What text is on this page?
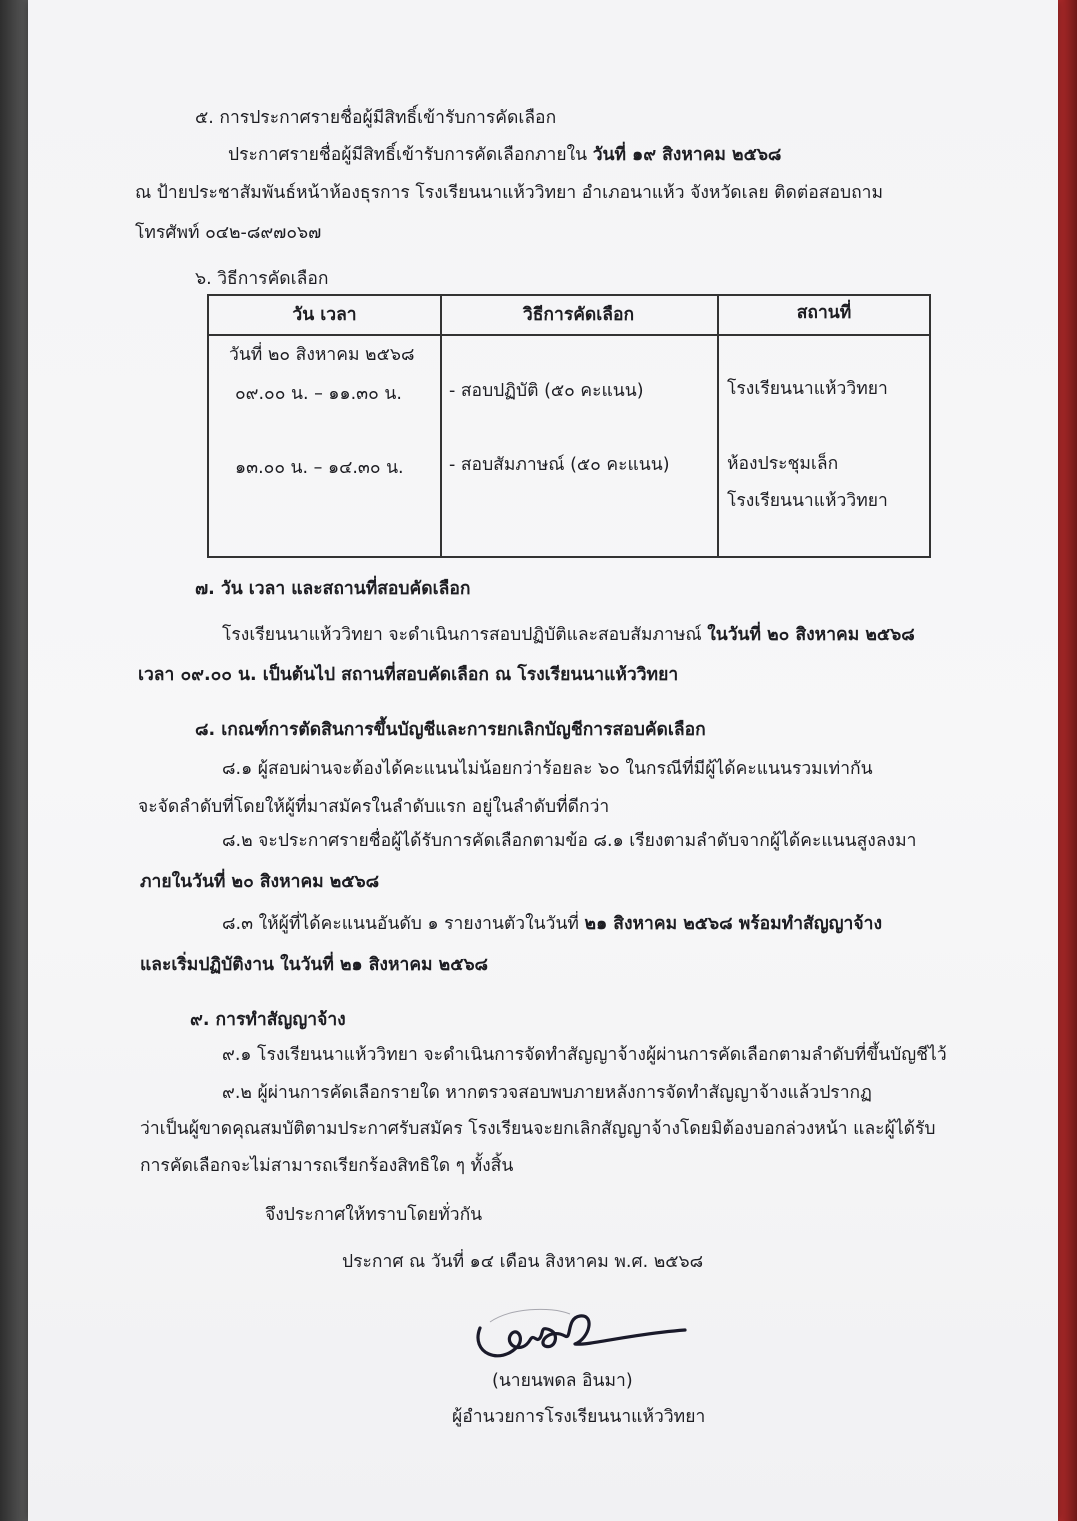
๕. การประกาศรายชื่อผู้มีสิทธิ์เข้ารับการคัดเลือก
ประกาศรายชื่อผู้มีสิทธิ์เข้ารับการคัดเลือกภายใน วันที่ ๑๙ สิงหาคม ๒๕๖๘
ณ ป้ายประชาสัมพันธ์หน้าห้องธุรการ โรงเรียนนาแห้ววิทยา อำเภอนาแห้ว จังหวัดเลย ติดต่อสอบถาม
โทรศัพท์ ๐๔๒-๘๙๗๐๖๗
๖. วิธีการคัดเลือก
วัน เวลา	วิธีการคัดเลือก	สถานที่
วันที่ ๒๐ สิงหาคม ๒๕๖๘
๐๙.๐๐ น. – ๑๑.๓๐ น.	- สอบปฏิบัติ (๕๐ คะแนน)	โรงเรียนนาแห้ววิทยา
๑๓.๐๐ น. – ๑๔.๓๐ น.	- สอบสัมภาษณ์ (๕๐ คะแนน)	ห้องประชุมเล็ก
โรงเรียนนาแห้ววิทยา
๗. วัน เวลา และสถานที่สอบคัดเลือก
โรงเรียนนาแห้ววิทยา จะดำเนินการสอบปฏิบัติและสอบสัมภาษณ์ ในวันที่ ๒๐ สิงหาคม ๒๕๖๘
เวลา ๐๙.๐๐ น. เป็นต้นไป สถานที่สอบคัดเลือก ณ โรงเรียนนาแห้ววิทยา
๘. เกณฑ์การตัดสินการขึ้นบัญชีและการยกเลิกบัญชีการสอบคัดเลือก
๘.๑ ผู้สอบผ่านจะต้องได้คะแนนไม่น้อยกว่าร้อยละ ๖๐ ในกรณีที่มีผู้ได้คะแนนรวมเท่ากัน
จะจัดลำดับที่โดยให้ผู้ที่มาสมัครในลำดับแรก อยู่ในลำดับที่ดีกว่า
๘.๒ จะประกาศรายชื่อผู้ได้รับการคัดเลือกตามข้อ ๘.๑ เรียงตามลำดับจากผู้ได้คะแนนสูงลงมา
ภายในวันที่ ๒๐ สิงหาคม ๒๕๖๘
๘.๓ ให้ผู้ที่ได้คะแนนอันดับ ๑ รายงานตัวในวันที่ ๒๑ สิงหาคม ๒๕๖๘ พร้อมทำสัญญาจ้าง
และเริ่มปฏิบัติงาน ในวันที่ ๒๑ สิงหาคม ๒๕๖๘
๙. การทำสัญญาจ้าง
๙.๑ โรงเรียนนาแห้ววิทยา จะดำเนินการจัดทำสัญญาจ้างผู้ผ่านการคัดเลือกตามลำดับที่ขึ้นบัญชีไว้
๙.๒ ผู้ผ่านการคัดเลือกรายใด หากตรวจสอบพบภายหลังการจัดทำสัญญาจ้างแล้วปรากฏ
ว่าเป็นผู้ขาดคุณสมบัติตามประกาศรับสมัคร โรงเรียนจะยกเลิกสัญญาจ้างโดยมิต้องบอกล่วงหน้า และผู้ได้รับ
การคัดเลือกจะไม่สามารถเรียกร้องสิทธิใด ๆ ทั้งสิ้น
จึงประกาศให้ทราบโดยทั่วกัน
ประกาศ ณ วันที่ ๑๔ เดือน สิงหาคม พ.ศ. ๒๕๖๘
(นายนพดล อินมา)
ผู้อำนวยการโรงเรียนนาแห้ววิทยา
